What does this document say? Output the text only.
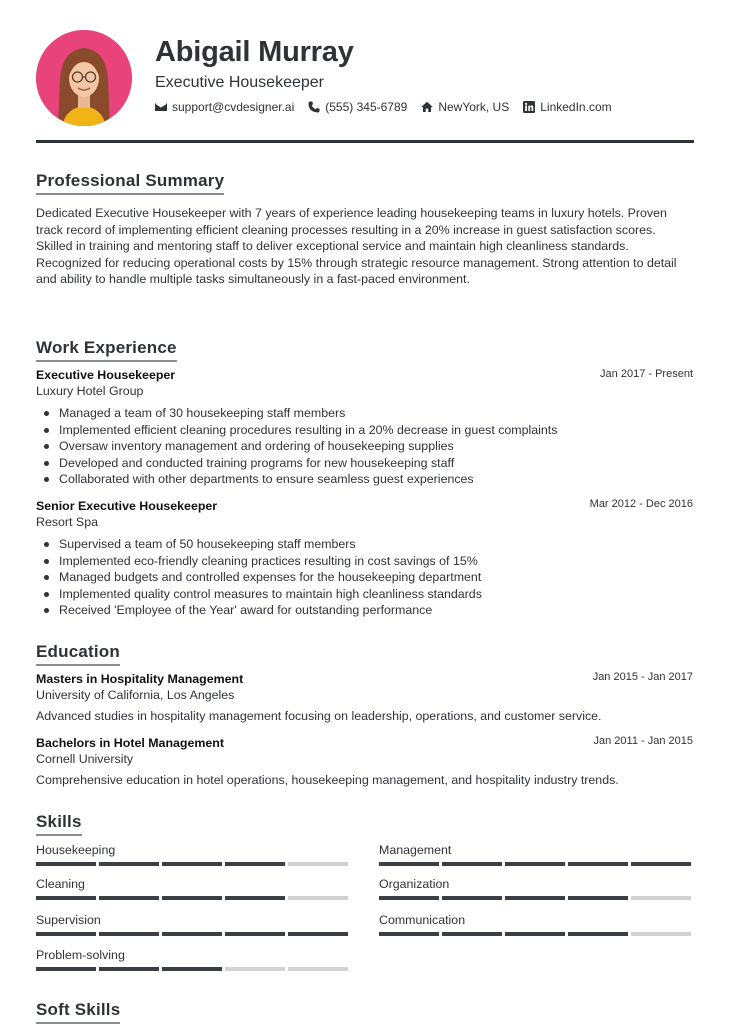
Abigail Murray
Executive Housekeeper
support@cvdesigner.ai	(555) 345-6789	NewYork, US	LinkedIn.com
Professional Summary
Dedicated Executive Housekeeper with 7 years of experience leading housekeeping teams in luxury hotels. Proven track record of implementing efficient cleaning processes resulting in a 20% increase in guest satisfaction scores. Skilled in training and mentoring staff to deliver exceptional service and maintain high cleanliness standards. Recognized for reducing operational costs by 15% through strategic resource management. Strong attention to detail and ability to handle multiple tasks simultaneously in a fast-paced environment.
Work Experience
Executive Housekeeper	Jan 2017 - Present
Luxury Hotel Group
Managed a team of 30 housekeeping staff members
Implemented efficient cleaning procedures resulting in a 20% decrease in guest complaints
Oversaw inventory management and ordering of housekeeping supplies
Developed and conducted training programs for new housekeeping staff
Collaborated with other departments to ensure seamless guest experiences
Senior Executive Housekeeper	Mar 2012 - Dec 2016
Resort Spa
Supervised a team of 50 housekeeping staff members
Implemented eco-friendly cleaning practices resulting in cost savings of 15%
Managed budgets and controlled expenses for the housekeeping department
Implemented quality control measures to maintain high cleanliness standards
Received 'Employee of the Year' award for outstanding performance
Education
Masters in Hospitality Management	Jan 2015 - Jan 2017
University of California, Los Angeles
Advanced studies in hospitality management focusing on leadership, operations, and customer service.
Bachelors in Hotel Management	Jan 2011 - Jan 2015
Cornell University
Comprehensive education in hotel operations, housekeeping management, and hospitality industry trends.
Skills
Housekeeping	Management
Cleaning	Organization
Supervision	Communication
Problem-solving
Soft Skills
